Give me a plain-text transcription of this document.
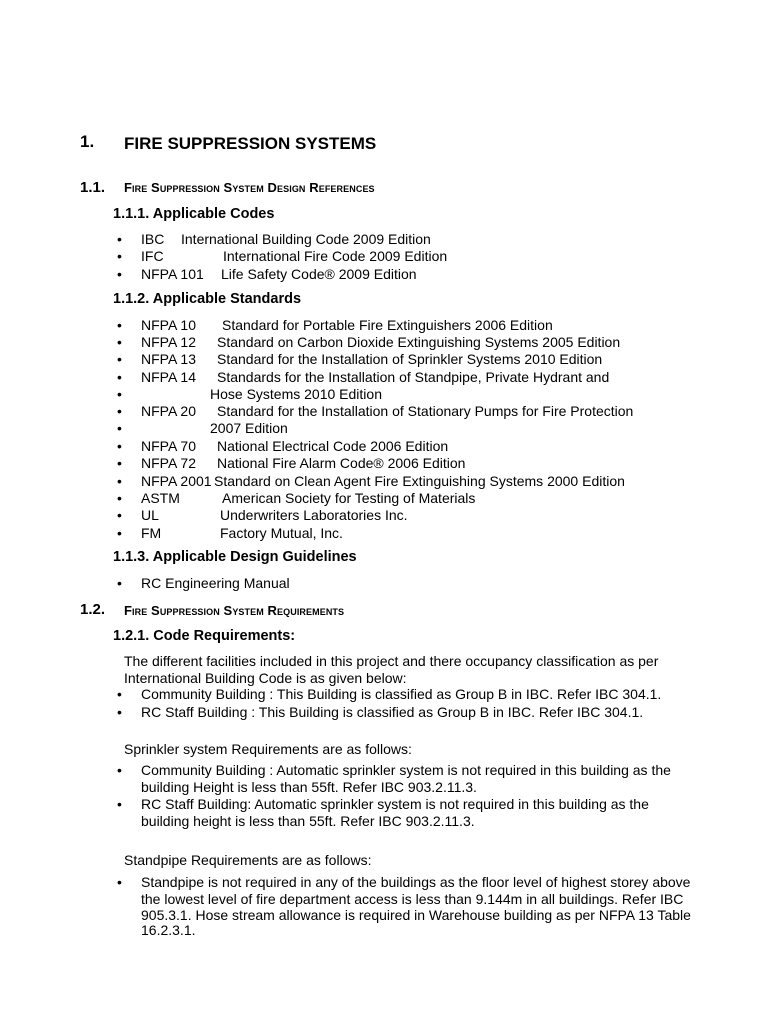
1. FIRE SUPPRESSION SYSTEMS
1.1. Fire Suppression System Design References
1.1.1. Applicable Codes
• IBC International Building Code 2009 Edition
• IFC	International Fire Code 2009 Edition
• NFPA 101 Life Safety Code® 2009 Edition
1.1.2. Applicable Standards
• NFPA 10 Standard for Portable Fire Extinguishers 2006 Edition
• NFPA 12 Standard on Carbon Dioxide Extinguishing Systems 2005 Edition
• NFPA 13 Standard for the Installation of Sprinkler Systems 2010 Edition
• NFPA 14 Standards for the Installation of Standpipe, Private Hydrant and
•	Hose Systems 2010 Edition
• NFPA 20 Standard for the Installation of Stationary Pumps for Fire Protection
•	2007 Edition
• NFPA 70 National Electrical Code 2006 Edition
• NFPA 72 National Fire Alarm Code® 2006 Edition
• NFPA 2001 Standard on Clean Agent Fire Extinguishing Systems 2000 Edition
• ASTM	American Society for Testing of Materials
• UL	Underwriters Laboratories Inc.
• FM	Factory Mutual, Inc.
1.1.3. Applicable Design Guidelines
• RC Engineering Manual
1.2. Fire Suppression System Requirements
1.2.1. Code Requirements:
The different facilities included in this project and there occupancy classification as per
International Building Code is as given below:
• Community Building : This Building is classified as Group B in IBC. Refer IBC 304.1.
• RC Staff Building : This Building is classified as Group B in IBC. Refer IBC 304.1.
Sprinkler system Requirements are as follows:
• Community Building : Automatic sprinkler system is not required in this building as the
building Height is less than 55ft. Refer IBC 903.2.11.3.
• RC Staff Building: Automatic sprinkler system is not required in this building as the
building height is less than 55ft. Refer IBC 903.2.11.3.
Standpipe Requirements are as follows:
• Standpipe is not required in any of the buildings as the floor level of highest storey above
the lowest level of fire department access is less than 9.144m in all buildings. Refer IBC
905.3.1. Hose stream allowance is required in Warehouse building as per NFPA 13 Table
16.2.3.1.
